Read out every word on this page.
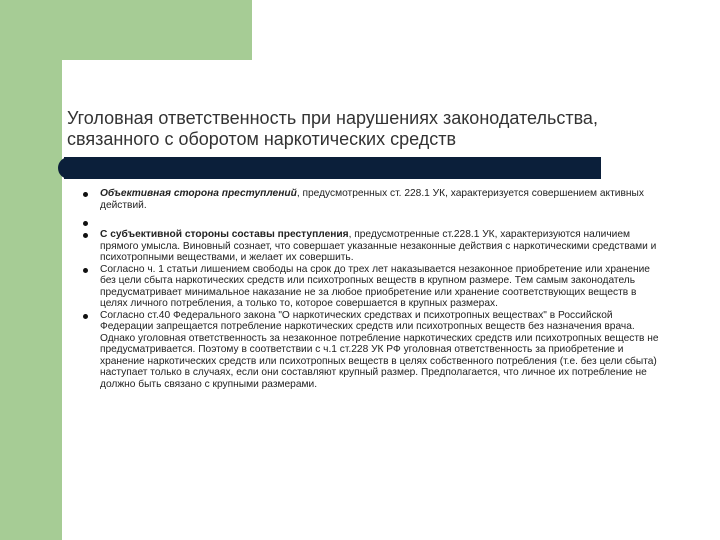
Уголовная ответственность при нарушениях законодательства, связанного с оборотом наркотических средств
Объективная сторона преступлений, предусмотренных ст. 228.1 УК, характеризуется совершением активных действий.
С субъективной стороны составы преступления, предусмотренные ст.228.1 УК, характеризуются наличием прямого умысла. Виновный сознает, что совершает указанные незаконные действия с наркотическими средствами и психотропными веществами, и желает их совершить.
Согласно ч. 1 статьи лишением свободы на срок до трех лет наказывается незаконное приобретение или хранение без цели сбыта наркотических средств или психотропных веществ в крупном размере. Тем самым законодатель предусматривает минимальное наказание не за любое приобретение или хранение соответствующих веществ в целях личного потребления, а только то, которое совершается в крупных размерах.
Согласно ст.40 Федерального закона "О наркотических средствах и психотропных веществах" в Российской Федерации запрещается потребление наркотических средств или психотропных веществ без назначения врача. Однако уголовная ответственность за незаконное потребление наркотических средств или психотропных веществ не предусматривается. Поэтому в соответствии с ч.1 ст.228 УК РФ уголовная ответственность за приобретение и хранение наркотических средств или психотропных веществ в целях собственного потребления (т.е. без цели сбыта) наступает только в случаях, если они составляют крупный размер. Предполагается, что личное их потребление не должно быть связано с крупными размерами.
